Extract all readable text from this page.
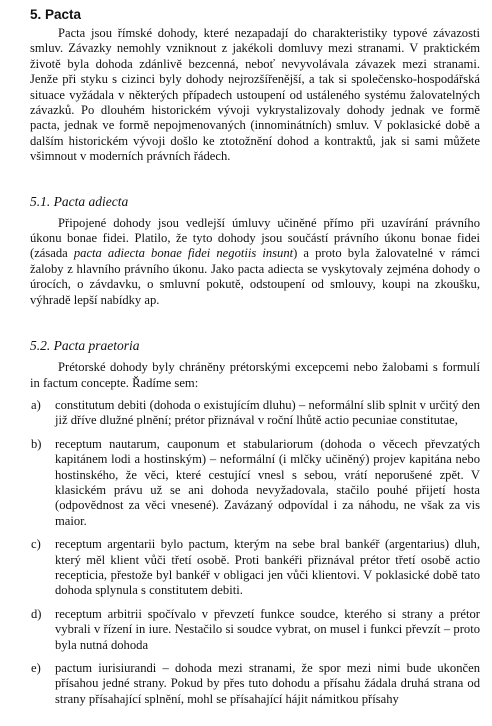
5. Pacta

Pacta jsou římské dohody, které nezapadají do charakteristiky typové závazosti smluv. Závazky nemohly vzniknout z jakékoli domluvy mezi stranami. V praktickém životě byla dohoda zdánlivě bezcenná, neboť nevyvolávala závazek mezi stranami. Jenže při styku s cizinci byly dohody nejrozšířenější, a tak si společensko-hospodářská situace vyžádala v některých případech ustoupení od ustáleného systému žalovatelných závazků. Po dlouhém historickém vývoji vykrystalizovaly dohody jednak ve formě pacta, jednak ve formě nepojmenovaných (innominátních) smluv. V poklasické době a dalším historickém vývoji došlo ke ztotožnění dohod a kontraktů, jak si sami můžete všimnout v moderních právních řádech.

5.1. Pacta adiecta

Připojené dohody jsou vedlejší úmluvy učiněné přímo při uzavírání právního úkonu bonae fidei. Platilo, že tyto dohody jsou součástí právního úkonu bonae fidei (zásada pacta adiecta bonae fidei negotiis insunt) a proto byla žalovatelné v rámci žaloby z hlavního právního úkonu. Jako pacta adiecta se vyskytovaly zejména dohody o úrocích, o závdavku, o smluvní pokutě, odstoupení od smlouvy, koupi na zkoušku, výhradě lepší nabídky ap.

5.2. Pacta praetoria

Prétorské dohody byly chráněny prétorskými excepcemi nebo žalobami s formulí in factum concepte. Řadíme sem:

a) constitutum debiti (dohoda o existujícím dluhu) – neformální slib splnit v určitý den již dříve dlužné plnění; prétor přiznával v roční lhůtě actio pecuniae constitutae,
b) receptum nautarum, cauponum et stabulariorum (dohoda o věcech převzatých kapitánem lodi a hostinským) – neformální (i mlčky učiněný) projev kapitána nebo hostinského, že věci, které cestující vnesl s sebou, vrátí neporušené zpět. V klasickém právu už se ani dohoda nevyžadovala, stačilo pouhé přijetí hosta (odpovědnost za věci vnesené). Zavázaný odpovídal i za náhodu, ne však za vis maior.
c) receptum argentarii bylo pactum, kterým na sebe bral bankéř (argentarius) dluh, který měl klient vůči třetí osobě. Proti bankéři přiznával prétor třetí osobě actio recepticia, přestože byl bankéř v obligaci jen vůči klientovi. V poklasické době tato dohoda splynula s constitutem debiti.
d) receptum arbitrii spočívalo v převzetí funkce soudce, kterého si strany a prétor vybrali v řízení in iure. Nestačilo si soudce vybrat, on musel i funkci převzít – proto byla nutná dohoda
e) pactum iurisiurandi – dohoda mezi stranami, že spor mezi nimi bude ukončen přísahou jedné strany. Pokud by přes tuto dohodu a přísahu žádala druhá strana od strany přísahající splnění, mohl se přísahající hájit námitkou přísahy
